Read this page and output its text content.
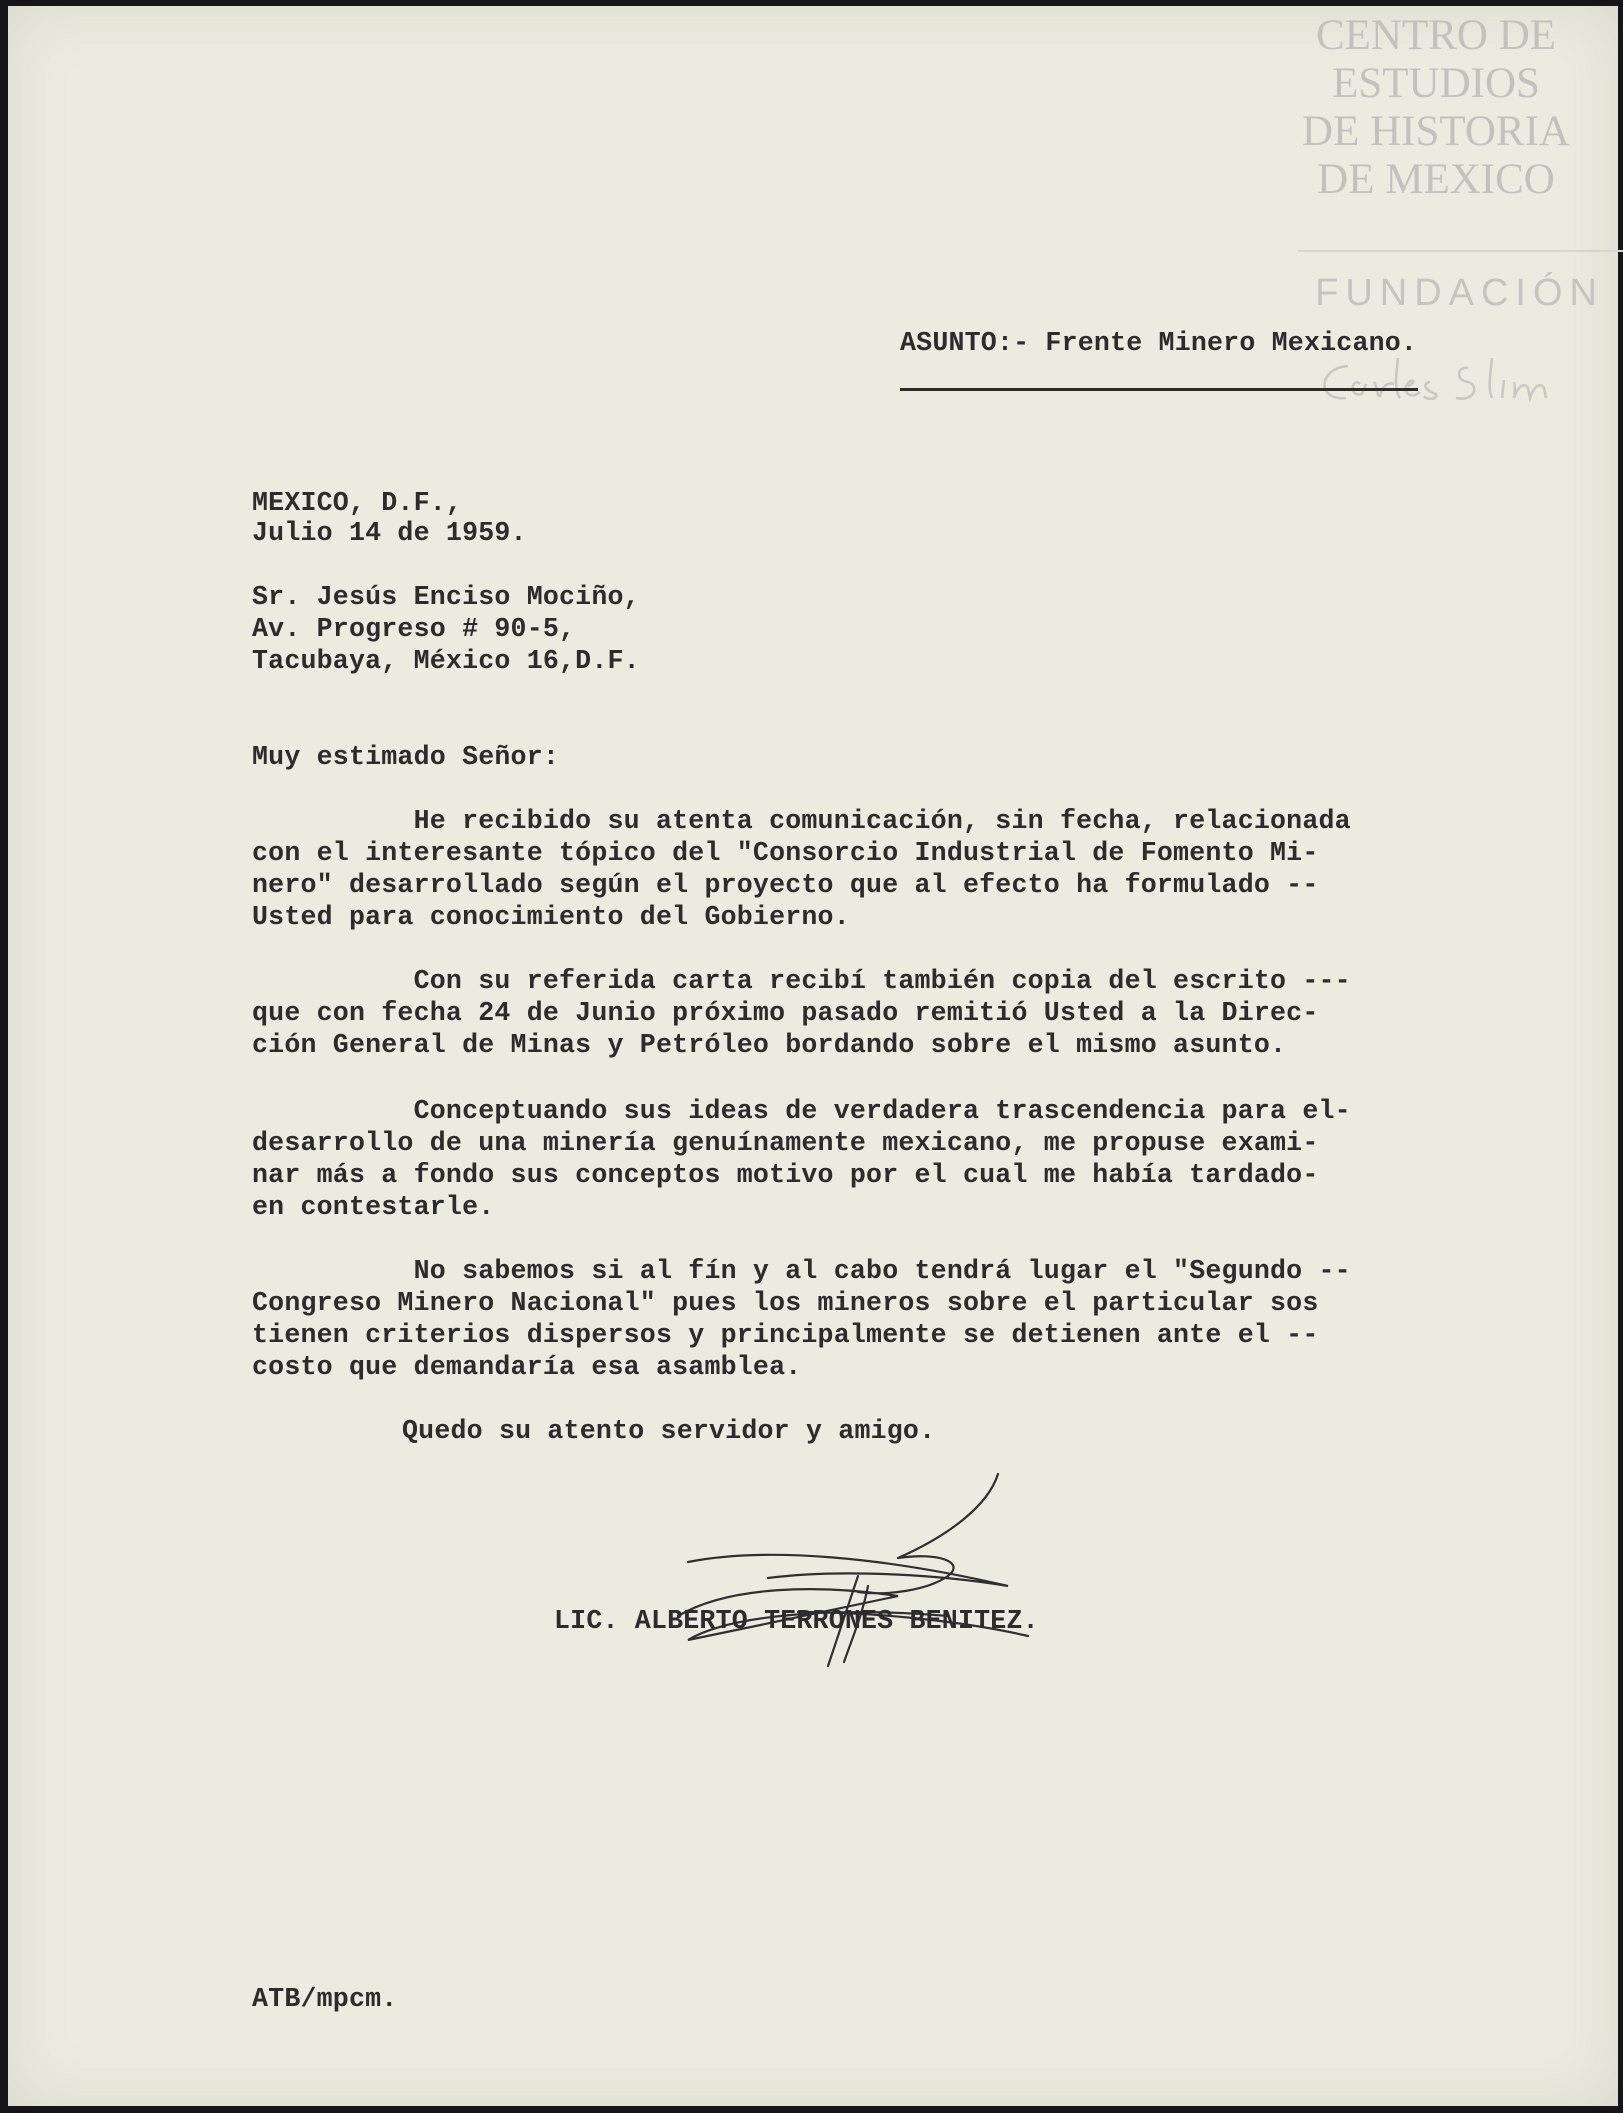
CENTRO DE
ESTUDIOS
DE HISTORIA
DE MEXICO
FUNDACIÓN
ASUNTO:- Frente Minero Mexicano.
MEXICO, D.F.,
Julio 14 de 1959.
Sr. Jesús Enciso Mociño,
Av. Progreso # 90-5,
Tacubaya, México 16,D.F.
Muy estimado Señor:
He recibido su atenta comunicación, sin fecha, relacionada
con el interesante tópico del "Consorcio Industrial de Fomento Mi-
nero" desarrollado según el proyecto que al efecto ha formulado --
Usted para conocimiento del Gobierno.
Con su referida carta recibí también copia del escrito ---
que con fecha 24 de Junio próximo pasado remitió Usted a la Direc-
ción General de Minas y Petróleo bordando sobre el mismo asunto.
Conceptuando sus ideas de verdadera trascendencia para el-
desarrollo de una minería genuínamente mexicano, me propuse exami-
nar más a fondo sus conceptos motivo por el cual me había tardado-
en contestarle.
No sabemos si al fín y al cabo tendrá lugar el "Segundo --
Congreso Minero Nacional" pues los mineros sobre el particular sos
tienen criterios dispersos y principalmente se detienen ante el --
costo que demandaría esa asamblea.
Quedo su atento servidor y amigo.
LIC. ALBERTO TERRONES BENITEZ.
ATB/mpcm.
